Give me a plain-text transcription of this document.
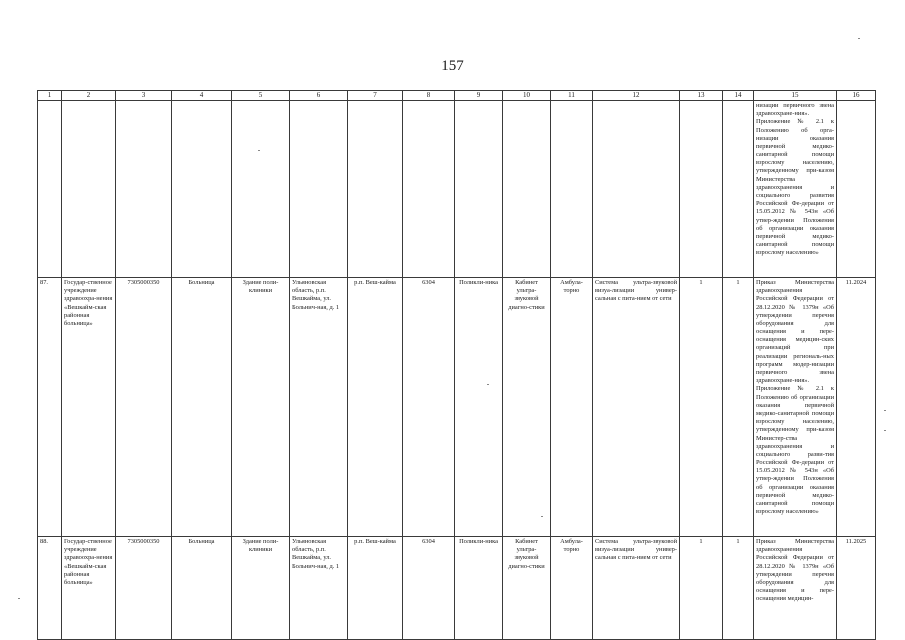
157
1	2	3	4	5	6	7	8	9	10	11	12	13	14	15	16
														низации первичного звена здравоохране-ния». Приложение № 2.1 к Положению об орга-низации оказания первичной медико-санитарной помощи взрослому населению, утвержденному при-казом Министерства здравоохранения и социального развития Российской Фе-дерации от 15.05.2012 № 543н «Об утвер-ждении Положения об организации оказания первичной медико-санитарной помощи взрослому населению»	
87.	Государ-ственное учреждение здравоохра-нения «Вешкайм-ская районная больница»	7305000350	Больница	Здание поли-клиники	Ульяновская область, р.п. Вешкайма, ул. Больнич-ная, д. 1	р.п. Веш-кайма	6304	Поликли-ника	Кабинет ультра-звуковой диагно-стики	Амбула-торно	Система ультра-звуковой визуа-лизации универ-сальная с пита-нием от сети	1	1	Приказ Министерства здравоохранения Российской Федерации от 28.12.2020 № 1379н «Об утверждении перечня оборудования для оснащения и пере-оснащения медицин-ских организаций при реализации региональ-ных программ модер-низации первичного звена здравоохране-ния». Приложение № 2.1 к Положению об организации оказания первичной медико-санитарной помощи взрослому населению, утвержденному при-казом Министер-ства здравоохранения и социального разви-тия Российской Фе-дерации от 15.05.2012 № 543н «Об утвер-ждении Положения об организации оказания первичной медико-санитарной помощи взрослому населению»	11.2024
88.	Государ-ственное учреждение здравоохра-нения «Вешкайм-ская районная больница»	7305000350	Больница	Здание поли-клиники	Ульяновская область, р.п. Вешкайма, ул. Больнич-ная, д. 1	р.п. Веш-кайма	6304	Поликли-ника	Кабинет ультра-звуковой диагно-стики	Амбула-торно	Система ультра-звуковой визуа-лизации универ-сальная с пита-нием от сети	1	1	Приказ Министерства здравоохранения Российской Федерации от 28.12.2020 № 1379н «Об утверждении перечня оборудования для оснащения и пере-оснащения медицин-	11.2025
